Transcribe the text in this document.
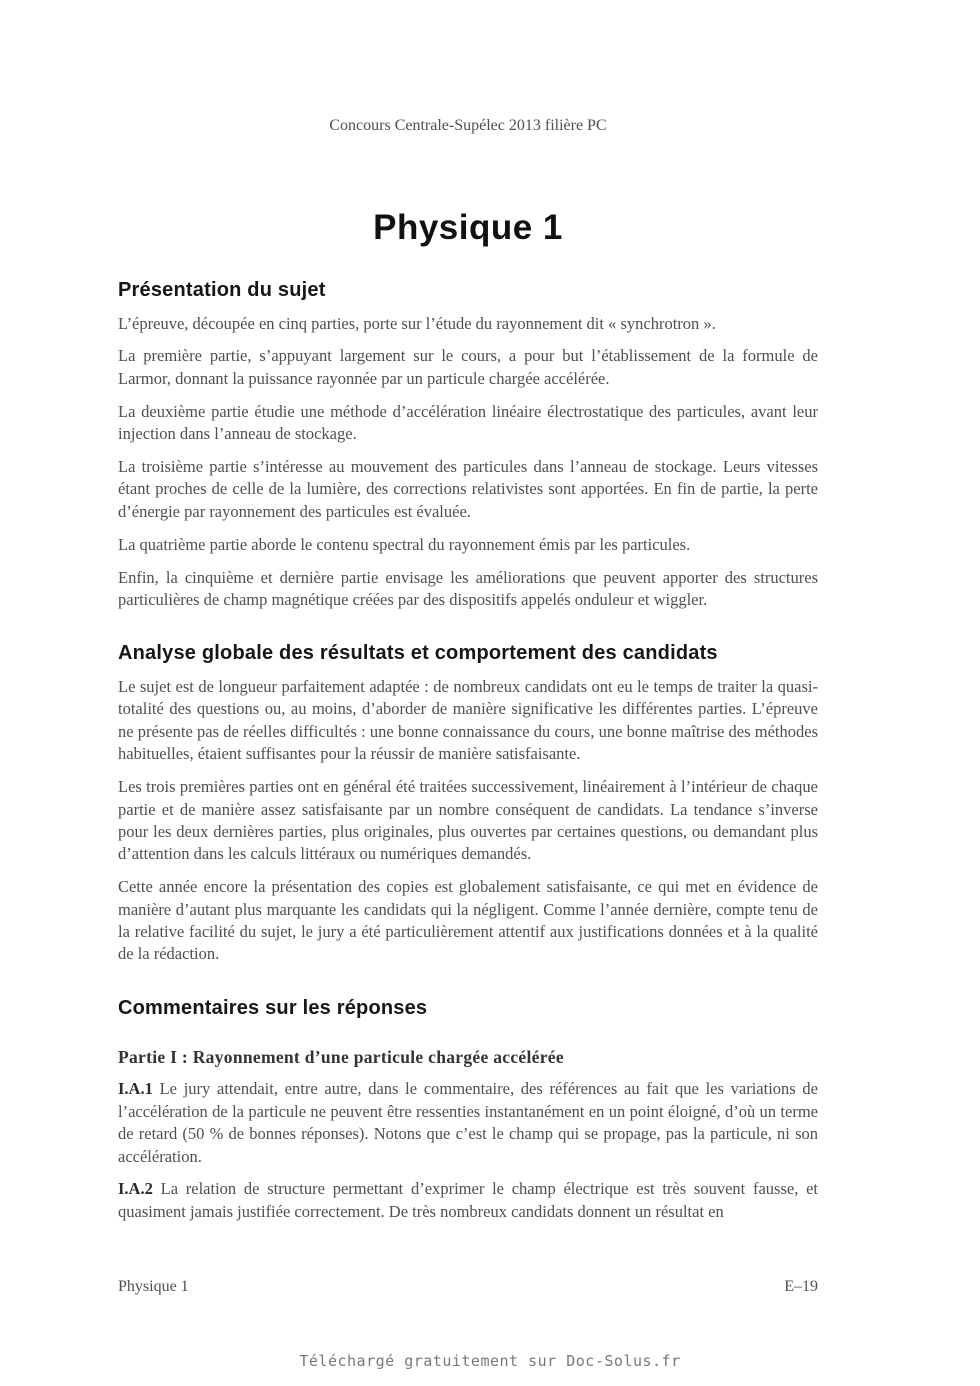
Concours Centrale-Supélec 2013 filière PC
Physique 1
Présentation du sujet

L’épreuve, découpée en cinq parties, porte sur l’étude du rayonnement dit « synchrotron ».

La première partie, s’appuyant largement sur le cours, a pour but l’établissement de la formule de Larmor, donnant la puissance rayonnée par un particule chargée accélérée.

La deuxième partie étudie une méthode d’accélération linéaire électrostatique des particules, avant leur injection dans l’anneau de stockage.

La troisième partie s’intéresse au mouvement des particules dans l’anneau de stockage. Leurs vitesses étant proches de celle de la lumière, des corrections relativistes sont apportées. En fin de partie, la perte d’énergie par rayonnement des particules est évaluée.

La quatrième partie aborde le contenu spectral du rayonnement émis par les particules.

Enfin, la cinquième et dernière partie envisage les améliorations que peuvent apporter des structures particulières de champ magnétique créées par des dispositifs appelés onduleur et wiggler.

Analyse globale des résultats et comportement des candidats

Le sujet est de longueur parfaitement adaptée : de nombreux candidats ont eu le temps de traiter la quasi-totalité des questions ou, au moins, d’aborder de manière significative les différentes parties. L’épreuve ne présente pas de réelles difficultés : une bonne connaissance du cours, une bonne maîtrise des méthodes habituelles, étaient suffisantes pour la réussir de manière satisfaisante.

Les trois premières parties ont en général été traitées successivement, linéairement à l’intérieur de chaque partie et de manière assez satisfaisante par un nombre conséquent de candidats. La tendance s’inverse pour les deux dernières parties, plus originales, plus ouvertes par certaines questions, ou demandant plus d’attention dans les calculs littéraux ou numériques demandés.

Cette année encore la présentation des copies est globalement satisfaisante, ce qui met en évidence de manière d’autant plus marquante les candidats qui la négligent. Comme l’année dernière, compte tenu de la relative facilité du sujet, le jury a été particulièrement attentif aux justifications données et à la qualité de la rédaction.

Commentaires sur les réponses
Partie I : Rayonnement d’une particule chargée accélérée

I.A.1 Le jury attendait, entre autre, dans le commentaire, des références au fait que les variations de l’accélération de la particule ne peuvent être ressenties instantanément en un point éloigné, d’où un terme de retard (50 % de bonnes réponses). Notons que c’est le champ qui se propage, pas la particule, ni son accélération.

I.A.2 La relation de structure permettant d’exprimer le champ électrique est très souvent fausse, et quasiment jamais justifiée correctement. De très nombreux candidats donnent un résultat en

Physique 1	E–19
Téléchargé gratuitement sur Doc-Solus.fr
